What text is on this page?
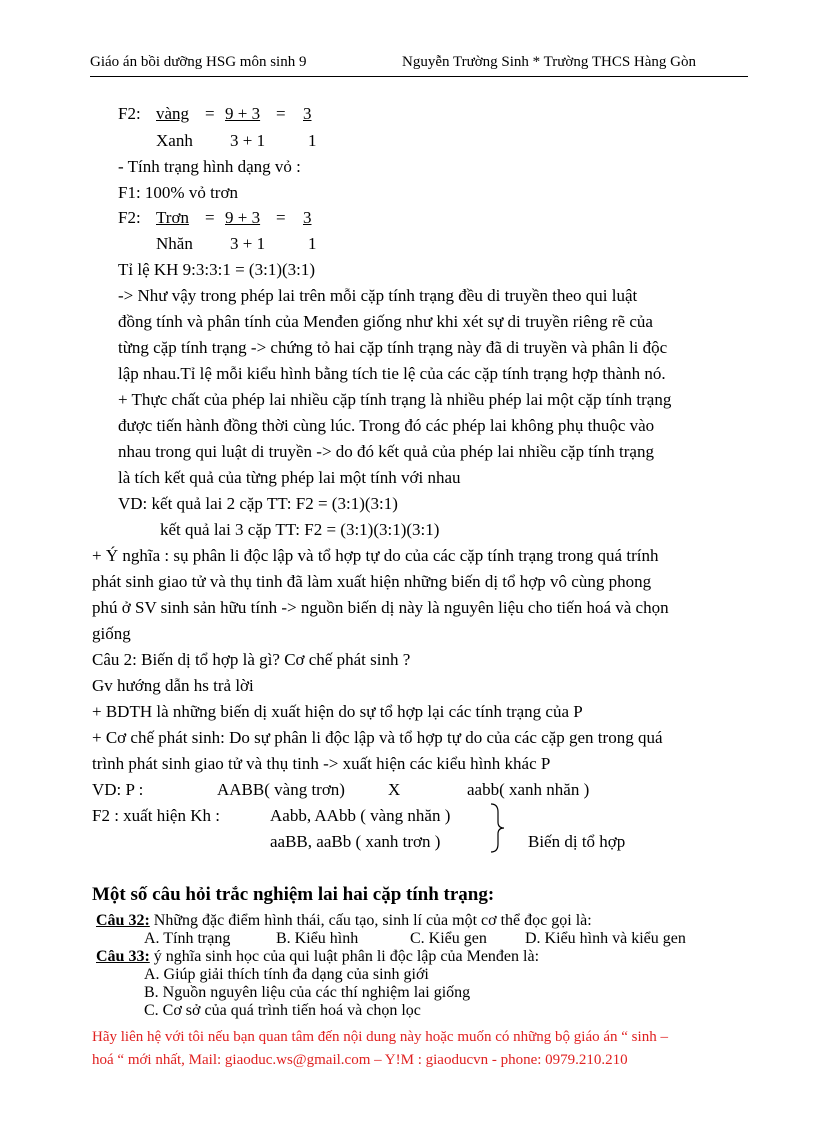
Giáo án bồi dưỡng HSG môn sinh 9	Nguyễn Trường Sinh * Trường THCS Hàng Gòn
F2: vàng = 9 + 3 = 3
Xanh 3 + 1	1
- Tính trạng hình dạng vỏ :
F1: 100% vỏ trơn
F2: Trơn = 9 + 3 = 3
Nhăn 3 + 1	1
Tỉ lệ KH 9:3:3:1 = (3:1)(3:1)
-> Như vậy trong phép lai trên mỗi cặp tính trạng đều di truyền theo qui luật
đồng tính và phân tính của Menđen giống như khi xét sự di truyền riêng rẽ của
từng cặp tính trạng -> chứng tỏ hai cặp tính trạng này đã di truyền và phân li độc
lập nhau.Tỉ lệ mỗi kiểu hình bằng tích tie lệ của các cặp tính trạng hợp thành nó.
+ Thực chất của phép lai nhiều cặp tính trạng là nhiều phép lai một cặp tính trạng
được tiến hành đồng thời cùng lúc. Trong đó các phép lai không phụ thuộc vào
nhau trong qui luật di truyền -> do đó kết quả của phép lai nhiều cặp tính trạng
là tích kết quả của từng phép lai một tính với nhau
VD: kết quả lai 2 cặp TT: F2 = (3:1)(3:1)
kết quả lai 3 cặp TT: F2 = (3:1)(3:1)(3:1)
+ Ý nghĩa : sụ phân li độc lập và tổ hợp tự do của các cặp tính trạng trong quá trính
phát sinh giao tử và thụ tinh đã làm xuất hiện những biến dị tổ hợp vô cùng phong
phú ở SV sinh sản hữu tính -> nguồn biến dị này là nguyên liệu cho tiến hoá và chọn
giống
Câu 2: Biến dị tổ hợp là gì? Cơ chế phát sinh ?
Gv hướng dẫn hs trả lời
+ BDTH là những biến dị xuất hiện do sự tổ hợp lại các tính trạng của P
+ Cơ chế phát sinh: Do sự phân li độc lập và tổ hợp tự do của các cặp gen trong quá
trình phát sinh giao tử và thụ tinh -> xuất hiện các kiểu hình khác P
VD: P :	AABB( vàng trơn)	X	aabb( xanh nhăn )
F2 : xuất hiện Kh :	Aabb, AAbb ( vàng nhăn )
aaBB, aaBb ( xanh trơn )	Biến dị tổ hợp
Một số câu hỏi trắc nghiệm lai hai cặp tính trạng:
Câu 32: Những đặc điểm hình thái, cấu tạo, sinh lí của một cơ thể đọc gọi là:
A. Tính trạng	B. Kiểu hình	C. Kiểu gen D. Kiểu hình và kiểu gen
Câu 33: ý nghĩa sinh học của qui luật phân li độc lập của Menđen là:
A. Giúp giải thích tính đa dạng của sinh giới
B. Nguồn nguyên liệu của các thí nghiệm lai giống
C. Cơ sở của quá trình tiến hoá và chọn lọc
Hãy liên hệ với tôi nếu bạn quan tâm đến nội dung này hoặc muốn có những bộ giáo án “ sinh –
hoá “ mới nhất, Mail: giaoduc.ws@gmail.com – Y!M : giaoducvn - phone: 0979.210.210
